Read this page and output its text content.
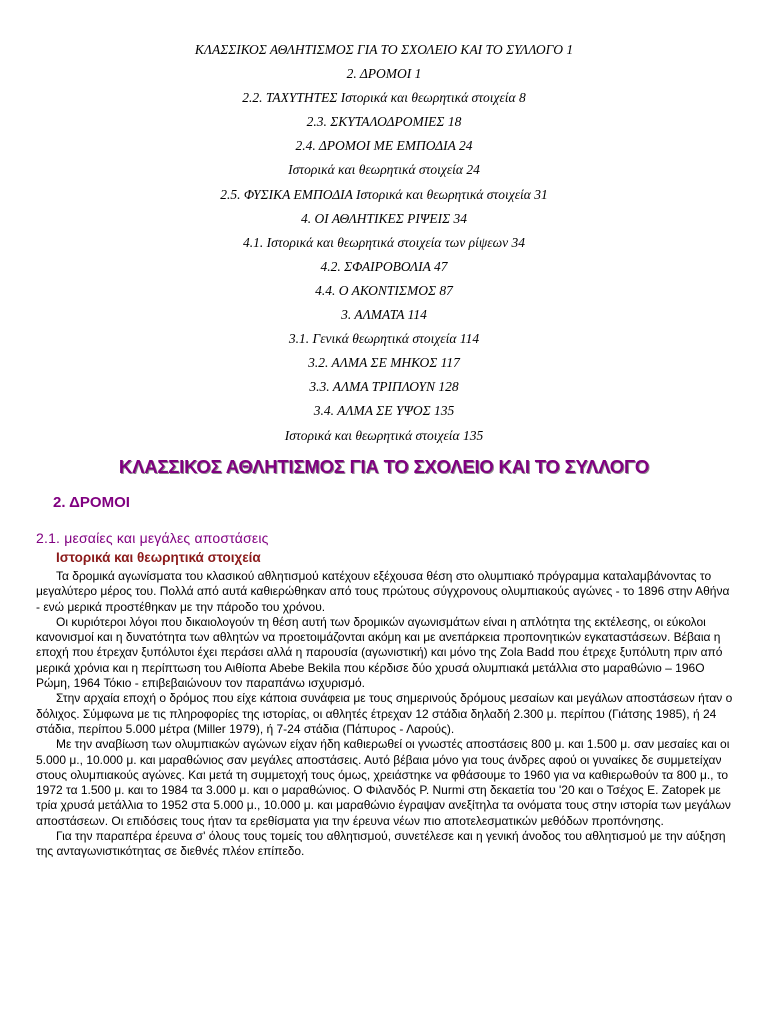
ΚΛΑΣΣΙΚΟΣ ΑΘΛΗΤΙΣΜΟΣ ΓΙΑ ΤΟ ΣΧΟΛΕΙΟ ΚΑΙ ΤΟ ΣΥΛΛΟΓΟ 1
2. ΔΡΟΜΟΙ 1
2.2. ΤΑΧΥΤΗΤΕΣ Ιστορικά και θεωρητικά στοιχεία 8
2.3. ΣΚΥΤΑΛΟΔΡΟΜΙΕΣ 18
2.4. ΔΡΟΜΟΙ ΜΕ ΕΜΠΟΔΙΑ 24
Ιστορικά και θεωρητικά στοιχεία 24
2.5. ΦΥΣΙΚΑ ΕΜΠΟΔΙΑ Ιστορικά και θεωρητικά στοιχεία 31
4. ΟΙ ΑΘΛΗΤΙΚΕΣ ΡΙΨΕΙΣ 34
4.1. Ιστορικά και θεωρητικά στοιχεία των ρίψεων 34
4.2. ΣΦΑΙΡΟΒΟΛΙΑ 47
4.4. Ο ΑΚΟΝΤΙΣΜΟΣ 87
3. ΑΛΜΑΤΑ 114
3.1. Γενικά θεωρητικά στοιχεία 114
3.2. ΑΛΜΑ ΣΕ ΜΗΚΟΣ 117
3.3. ΑΛΜΑ ΤΡΙΠΛΟΥΝ 128
3.4. ΑΛΜΑ ΣΕ ΥΨΟΣ 135
Ιστορικά και θεωρητικά στοιχεία 135
ΚΛΑΣΣΙΚΟΣ ΑΘΛΗΤΙΣΜΟΣ ΓΙΑ ΤΟ ΣΧΟΛΕΙΟ ΚΑΙ ΤΟ ΣΥΛΛΟΓΟ
2. ΔΡΟΜΟΙ
2.1. μεσαίες και μεγάλες αποστάσεις
Ιστορικά και θεωρητικά στοιχεία

Τα δρομικά αγωνίσματα του κλασικού αθλητισμού κατέχουν εξέχουσα θέση στο ολυμπιακό πρόγραμμα καταλαμβάνοντας το μεγαλύτερο μέρος του. Πολλά από αυτά καθιερώθηκαν από τους πρώτους σύγχρονους ολυμπιακούς αγώνες - το 1896 στην Αθήνα - ενώ μερικά προστέθηκαν με την πάροδο του χρόνου.

Οι κυριότεροι λόγοι που δικαιολογούν τη θέση αυτή των δρομικών αγωνισμάτων είναι η απλότητα της εκτέλεσης, οι εύκολοι κανονισμοί και η δυνατότητα των αθλητών να προετοιμάζονται ακόμη και με ανεπάρκεια προπονητικών εγκαταστάσεων. Βέβαια η εποχή που έτρεχαν ξυπόλυτοι έχει περάσει αλλά η παρουσία (αγωνιστική) και μόνο της Zola Badd που έτρεχε ξυπόλυτη πριν από μερικά χρόνια και η περίπτωση του Αιθίοπα Abebe Bekila που κέρδισε δύο χρυσά ολυμπιακά μετάλλια στο μαραθώνιο – 196Ο Ρώμη, 1964 Τόκιο - επιβεβαιώνουν τον παραπάνω ισχυρισμό.

Στην αρχαία εποχή ο δρόμος που είχε κάποια συνάφεια με τους σημερινούς δρόμους μεσαίων και μεγάλων αποστάσεων ήταν ο δόλιχος. Σύμφωνα με τις πληροφορίες της ιστορίας, οι αθλητές έτρεχαν 12 στάδια δηλαδή 2.300 μ. περίπου (Γιάτσης 1985), ή 24 στάδια, περίπου 5.000 μέτρα (Miller 1979), ή 7-24 στάδια (Πάπυρος - Λαρούς).

Με την αναβίωση των ολυμπιακών αγώνων είχαν ήδη καθιερωθεί οι γνωστές αποστάσεις 800 μ. και 1.500 μ. σαν μεσαίες και οι 5.000 μ., 10.000 μ. και μαραθώνιος σαν μεγάλες αποστάσεις. Αυτό βέβαια μόνο για τους άνδρες αφού οι γυναίκες δε συμμετείχαν στους ολυμπιακούς αγώνες. Και μετά τη συμμετοχή τους όμως, χρειάστηκε να φθάσουμε το 1960 για να καθιερωθούν τα 800 μ., το 1972 τα 1.500 μ. και το 1984 τα 3.000 μ. και ο μαραθώνιος. Ο Φιλανδός P. Nurmi στη δεκαετία του '20 και ο Τσέχος E. Zatopek με τρία χρυσά μετάλλια το 1952 στα 5.000 μ., 10.000 μ. και μαραθώνιο έγραψαν ανεξίτηλα τα ονόματα τους στην ιστορία των μεγάλων αποστάσεων. Οι επιδόσεις τους ήταν τα ερεθίσματα για την έρευνα νέων πιο αποτελεσματικών μεθόδων προπόνησης.

Για την παραπέρα έρευνα σ' όλους τους τομείς του αθλητισμού, συνετέλεσε και η γενική άνοδος του αθλητισμού με την αύξηση της ανταγωνιστικότητας σε διεθνές πλέον επίπεδο.
